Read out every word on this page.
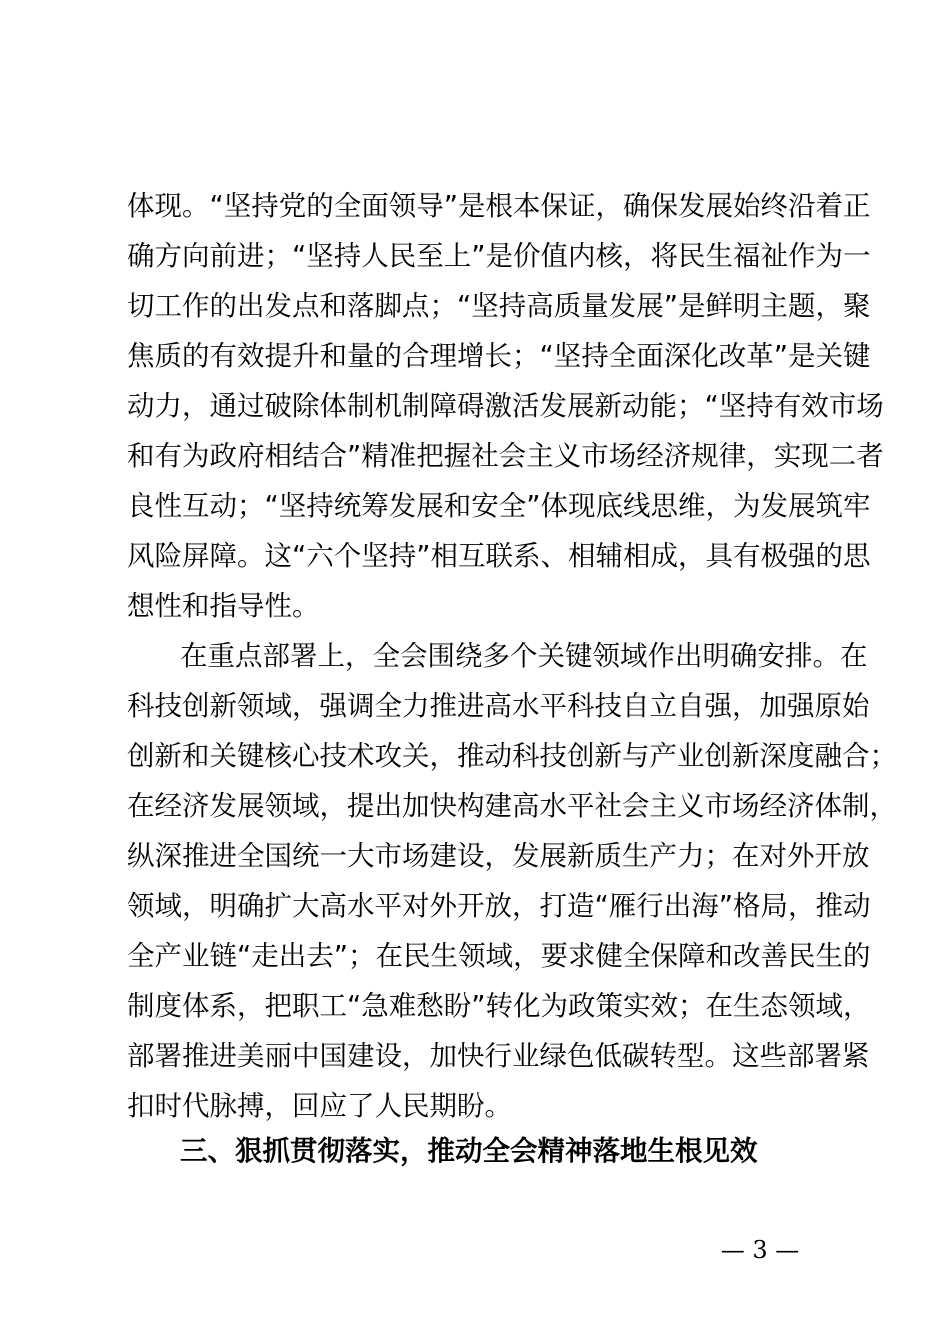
体现。“坚持党的全面领导”是根本保证，确保发展始终沿着正
确方向前进；“坚持人民至上”是价值内核，将民生福祉作为一
切工作的出发点和落脚点；“坚持高质量发展”是鲜明主题，聚
焦质的有效提升和量的合理增长；“坚持全面深化改革”是关键
动力，通过破除体制机制障碍激活发展新动能；“坚持有效市场
和有为政府相结合”精准把握社会主义市场经济规律，实现二者
良性互动；“坚持统筹发展和安全”体现底线思维，为发展筑牢
风险屏障。这“六个坚持”相互联系、相辅相成，具有极强的思
想性和指导性。
在重点部署上，全会围绕多个关键领域作出明确安排。在
科技创新领域，强调全力推进高水平科技自立自强，加强原始
创新和关键核心技术攻关，推动科技创新与产业创新深度融合；
在经济发展领域，提出加快构建高水平社会主义市场经济体制，
纵深推进全国统一大市场建设，发展新质生产力；在对外开放
领域，明确扩大高水平对外开放，打造“雁行出海”格局，推动
全产业链“走出去”；在民生领域，要求健全保障和改善民生的
制度体系，把职工“急难愁盼”转化为政策实效；在生态领域，
部署推进美丽中国建设，加快行业绿色低碳转型。这些部署紧
扣时代脉搏，回应了人民期盼。
三、狠抓贯彻落实，推动全会精神落地生根见效
— 3 —
